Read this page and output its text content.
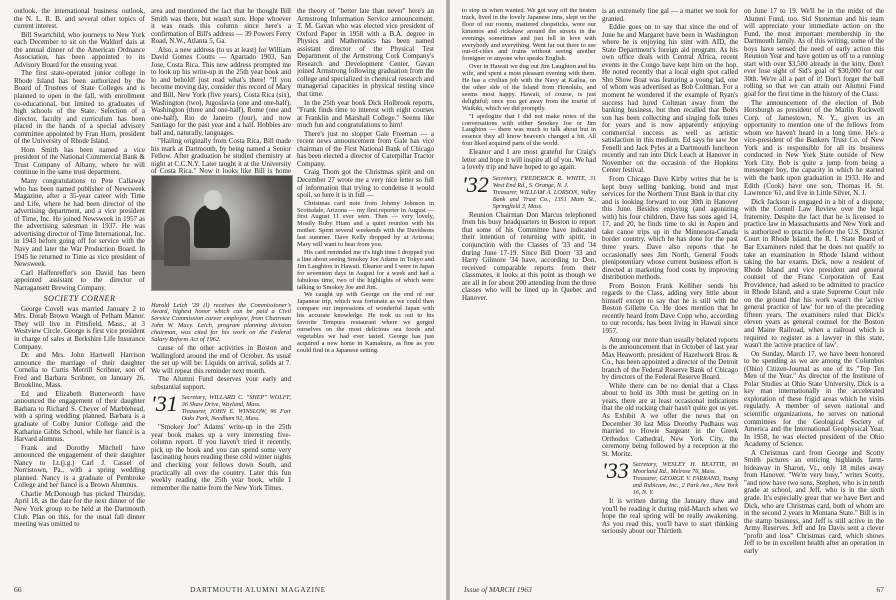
outlook, the international business outlook, the N. L. R. B. and several other topics of current interest.

Bill Swartchild, who journeys to New York each December to sit on the Waldorf dais at the annual dinner of the American Ordnance Association, has been appointed to its Advisory Board for the ensuing year.

The first state-operated junior college in Rhode Island has been authorized by the Board of Trustees of State Colleges and is planned to open in the fall, with enrollment co-educational, but limited to graduates of high schools of the State. Selection of a director, faculty and curriculum has been placed in the hands of a special advisory committee appointed by Fran Horn, president of the University of Rhode Island.

Hom Smith has been named a vice president of the National Commercial Bank & Trust Company of Albany, where he will continue in the same trust department.

Many congratulations to Pete Callaway who has been named publisher of Newsweek Magazine, after a 35-year career with Time and Life, where he had been director of the advertising department, and a vice president of Time, Inc. He joined Newsweek in 1957 as the advertising salesman in 1937. He was advertising director of Time International, Inc. in 1943 before going off for service with the Navy and later the War Production Board. In 1945 he returned to Time as vice president of Newsweek.

Carl Haffenreffer's son David has been appointed assistant to the director of Narragansett Brewing Company.

SOCIETY CORNER

George Covell was married January 2 to Mrs. Dorah Brown Waugh of Pelham Manor. They will live in Pittsfield, Mass., at 3 Westview Circle. George is first vice president in charge of sales at Berkshire Life Insurance Company.

Dr. and Mrs. John Hartwell Harrison announce the marriage of their daughter Cornelia to Curtis Merrill Scribner, son of Fred and Barbara Scribner, on January 26, Brookline, Mass.

Ed and Elizabeth Butterworth have announced the engagement of their daughter Barbara to Richard S. Cheyer of Marblehead, with a spring wedding planned. Barbara is a graduate of Colby Junior College and the Katharine Gibbs School, while her fiancé is a Harvard alumnus.

Frank and Dorothy Mitchell have announced the engagement of their daughter Nancy to Lt.(j.g.) Carl J. Cassel of Norristown, Pa., with a spring wedding planned. Nancy is a graduate of Pembroke College and her fiancé is a Brown Alumnus.

Charlie McDonough has picked Thursday, April 18, as the date for the next dinner of the New York group to be held at the Dartmouth Club. Plan on this, for the usual fall dinner meeting was omitted to

area and mentioned the fact that he thought Bill Smith was there, but wasn't sure. Hope whoever it was reads this column since here's a confirmation of Bill's address — 39 Powers Ferry Road, N.W., Atlanta 5, Ga.

Also, a new address (to us at least) for William David Gomes Coutts — Apartado 1903, San Jose, Costa Rica. This new address prompted me to look up his write-up in the 25th year book and lo and behold! just read what's there! "If you become moving day, consider this record of Mary and Bill, New York (five years), Costa Rica (six), Washington (two), Jugoslavia (one and one-half), Washington (three and one-half), Rome (one and one-half), Rio de Janeiro (four), and now Santiago for the past year and a half. Hobbies are ball and, naturally, languages.

"Hailing originally from Costa Rica, Bill made his mark at Dartmouth, by being named a Senior Fellow. After graduation he studied chemistry at night at C.C.N.Y. Later taught it at the University of Costa Rica." Now it looks like Bill is home

Harold Leich '29 (l) receives the Commissioner's Award, highest honor which can be paid a Civil Service Commission career employee, from Chairman John W. Macy. Leich, program planning division chairman, was cited for his work on the Federal Salary Reform Act of 1962.

cause of the other activities in Boston and Wallingford around the end of October. As usual the set up will be: Liquids on arrival, solids at 7. We will repeat this reminder next month.

The Alumni Fund deserves your early and substantial support.

'31 Secretary, WILLARD C. "SHEP" WOLFF, 36 Shaw Drive, Wayland, Mass.
Treasurer, JOHN E. WINSLOW, 96 Fair Oaks Park, Needham 92, Mass.

"Smokey Joe" Adams' write-up in the 25th year book makes up a very interesting five-column report. If you haven't tried it recently, pick up the book and you can spend some very fascinating hours reading these cold winter nights and checking your fellows down South, and practically all over the country. Later this fun weekly reading the 25th year book, while I remember the name from the New York Times.

the theory of "better late than never" here's an Armstrong Information Service announcement. T. M. Gavan who was elected vice president of Oxford Paper in 1958 with a B.A. degree in Physics and Mathematics has been named assistant director of the Physical Test Department of the Armstrong Cork Company's Research and Development Center. Gavan joined Armstrong following graduation from the college and specialized in chemical research and managerial capacities in physical testing since that time.

In the 25th year book Dick Holbrook reports, "Frank finds time to interest with eight courses at Franklin and Marshall College." Seems like much fun and congratulations to him!

There's just no stopper Gale Freeman — a recent news announcement from Gale has vice chairman of the First National Bank of Chicago has been elected a director of Caterpillar Tractor Company.

Craig Thom got the Christmas spirit and on December 27 wrote me a very nice letter so full of information that trying to condense it would spoil, so here it is in full —

Christmas card note from Johnny Johnson in Scottsdale, Arizona — my first reporter in August — first August 11 ever seen. Then — very lovely, Mostly Ruby Hiam and a quiet reunion with his mother. Spent several weekends with the Davidsons last summer. Dave Kelly dropped by at Arizona; Mary will want to hear from you.

His card reminded me it's high time I dropped you a line about seeing Smokey Joe Adams in Tokyo and Jim Laughton in Hawaii. Eleanor and I were in Japan for seventeen days in August for a week and had a fabulous time, two of the highlights of which were talking to Smokey Joe and Jim.

We caught up with George on the end of our Japanese trip, which was fortunate as we could then compare our impressions of wonderful Japan with his accurate knowledge. He took us out to his favorite Tempura restaurant where we gorged ourselves on the most delicious sea foods and vegetables we had ever tasted. George has just acquired a new home in Kamakura, as fine as you could find in a Japanese setting.

66	DARTMOUTH ALUMNI MAGAZINE

to stop us when wanted. We got way off the beaten track, lived in the lovely Japanese inns, slept on the floor of our rooms, mattered chopsticks, wore our kimonos and rickshaw around the streets in the evenings sometimes and just fell in love with everybody and everything. Went far out there to see out-of-cities and trains without seeing another foreigner or anyone who speaks English.

Over in Hawaii we dug out Jim Laughton and his wife, and spent a most pleasant evening with them. He has a civilian job with the Navy at Kailua, on the other side of the Island from Honolulu, and seems most happy. Hawaii, of course, is just delightful; once you get away from the tourist of Waikiki, which we did promptly.

"I apologize that I did not make notes of the conversations with either Smokey Joe or Jim Laughton — there was much to talk about but in essence they all know heaven's changed a bit. All four liked acquired parts of the world.

Eleanor and I are most grateful for Craig's letter and hope it will inspire all of you. We had a lovely trip and have hoped to go again.

'32 Secretary, FREDERICK R. WHITE, 31 West End Rd., S. Orange, N. J.
Treasurer, WILLIAM A. LORSON, Valley Bank and Trust Co., 1351 Main St., Springfield 3, Mass.

Reunion Chairman Don Marcus telephoned from his busy headquarters in Boston to report that some of his Committee have indicated their intention of returning with spirit, in conjunction with the Classes of '33 and '34 during June 17-19. Since Bill Doerr '33 and Harry Gilmore '34 have, according to Don, received comparable reports from their classmates, it looks at this point as though we are all in for about 200 attending from the three classes who will be lined up in Quebec and Hanover.

is an extremely fine gal — a matter we took for granted.

Eddie goes on to say that since the end of June he and Margaret have been in Washington where he is enjoying his stint with AID, the State Department's foreign aid program. As his own office deals with Central Africa, recent events in the Congo have kept him on the hop. He noted recently that a local eight spot called Sho Show Boat was featuring a young lad, one of whom was advertised as Bob Coltman. For a moment he wondered if the example of Ryan's success had lured Coltman away from the banking business, but then recalled that Bob's son has been collecting and singing folk tunes for years and is now apparently enjoying commercial success as well as artistic satisfaction in this medium. Ed says he saw Joe Fenelli and Jack Pyles at a Dartmouth luncheon recently and ran into Dick Leach at Hanover in November on the occasion of the Hopkins Center festival.

From Chicago Dave Kirby writes that he is kept busy selling banking, bond and trust services for the Northern Trust Bank in that city and is looking forward to our 30th in Hanover this June. Besides enjoying (and agonizing with) his four children, Dave has sons aged 14, 17, and 20, he finds time to ski in Aspen and take canoe trips up in the Minnesota-Canada border country, which he has done for the past three years. Dave also reports that he occasionally sees Jim North, General Foods plenipotentiary whose current business effort is directed at marketing food costs by improving distribution methods.

From Boston Frank Kelliher sends his regards to the Class, adding very little about himself except to say that he is still with the Boston Gillette Co. He does mention that he recently heard from Dave Copp who, according to our records, has been living in Hawaii since 1957.

Among our more than usually belated reports is the announcement that in October of last year Max Heaworth, president of Hazelwork Bros. & Co., has been appointed a director of the Detroit branch of the Federal Reserve Bank of Chicago by directors of the Federal Reserve Board.

While there can be no denial that a Class about to hold its 30th must be getting on in years, there are at least occasional indications that the old rocking chair hasn't quite got us yet. As Exhibit A we offer the news that on December 30 last Miss Dorothy Pudhaus was married to Howie Sargeant in the Greek Orthodox Cathedral, New York City, the ceremony being followed by a reception at the St. Moritz.

'33 Secretary, WESLEY H. BEATTIE, 80 Moorland Rd., Melrose 76, Mass.
Treasurer, GEORGE V. FARRAND, Young and Rubicam, Inc., 2 Park Ave., New York 16, N. Y.

It is written during the January thaw and you'll be reading it during mid-March when we hope the real spring will be really awakening. As you read this, you'll have to start thinking seriously about our Thirtieth

on June 17 to 19. We'll be in the midst of the Alumni Fund, too. Sid Stoneman and his team will appreciate your immediate action on the Fund, the most important membership in the Dartmouth family. As of this writing, some of the boys have sensed the need of early action this Reunion Year and have gotten us off to a running start with over $3,500 already in the kitty. Don't ever lose sight of Sid's goal of $30,000 for our 30th. We're all a part of it! Don't forget the ball rolling so that we can attain our Alumni Fund goal for the first time in the history of the Class.

The announcement of the election of Bob Horsburgh as president of the Marlin Rockwell Corp. of Jamestown, N. Y., gives us an opportunity to mention one of the fellows from whom we haven't heard in a long time. He's a vice-president of the Bankers Trust Co. of New York and is responsible for all its business conducted in New York State outside of New York City. Bob is quite a jump from being a messenger boy, the capacity in which he started with the bank upon graduation in 1933. He and Edith (Cook) have one son, Thomas H. St. Lawrence '61, and live in Little Silver, N. J.

Dick Jackson is engaged in a bit of a dispute, with the Cornell Law Review over the legal fraternity. Despite the fact that he is licensed to practice law in Massachusetts and New York and is authorized to practice before the U.S. District Court in Rhode Island, the R. I. State Board of Bar Examiners ruled that he does not qualify to take an examination in Rhode Island without taking the bar exams. Dick, now a resident of Rhode Island and vice president and general counsel of the Franc Corporation of East Providence, had asked to be admitted to practice in Rhode Island, and a state Supreme Court rule on the ground that his work wasn't the 'active general practice of law' for ten of the preceding fifteen years. The examiners ruled that Dick's eleven years as general counsel for the Boston and Maine Railroad, when a railroad which is required to register as a lawyer in this state, wasn't the 'active practice of law'.

On Sunday, March 17, we have been honored to be spending as we are among the Columbus (Ohio) Citizen-Journal as one of its "Top Ten Men of the Year." As director of the Institute of Polar Studies at Ohio State University, Dick is a key man internationally in the accelerated exploration of these frigid areas which he visits regularly. A member of seven national and scientific organizations, he serves on national committees for the Geological Society of America and the International Geophysical Year. In 1958, he was elected president of the Ohio Academy of Science.

A Christmas card from George and Scotty Smith pictures an enticing highlands farm-hideaway in Sharon, Vt., only 18 miles away from Hanover. "We're very busy," writes Scotty, "and now have two sons, Stephen, who is in tenth grade at school, and Jeff, who is in the sixth grade. It's especially great that we have Bert and Dick, who are Christmas card, both of whom are in the second 2 years in Montana State." Bill is in the stamp business, and Jeff is still active in the Army Reserves. Jeff and Ira Davis sent a clever "profit and loss" Christmas card, which shows Jeff to be in excellent health after an operation in early

Issue of MARCH 1963	67
